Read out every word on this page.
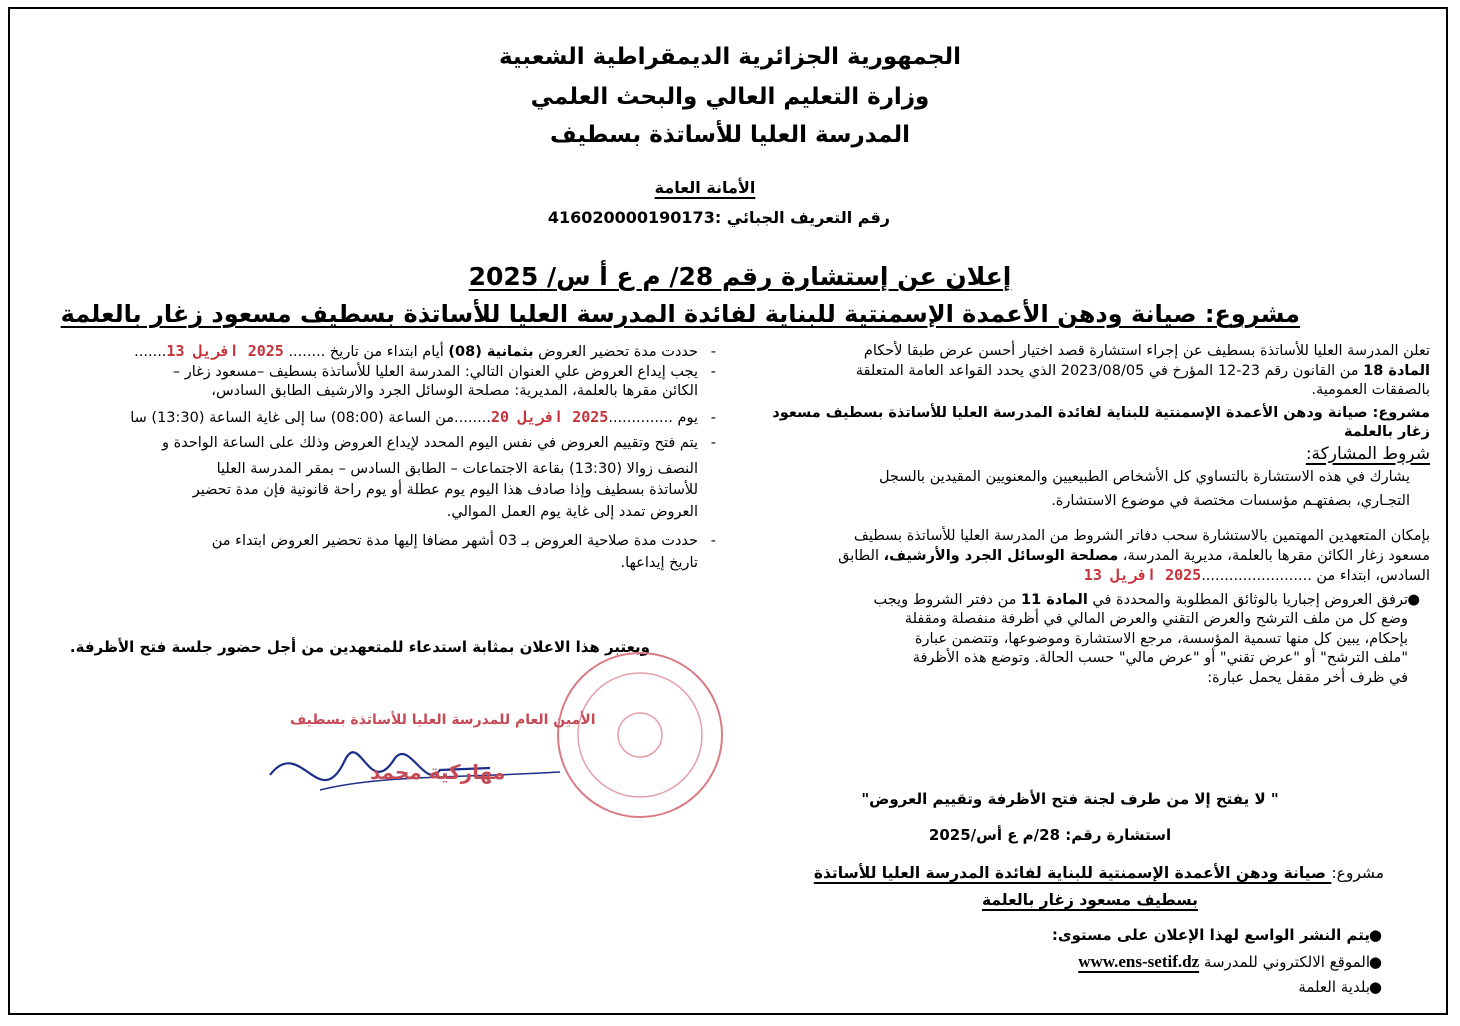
الجمهورية الجزائرية الديمقراطية الشعبية
وزارة التعليم العالي والبحث العلمي
المدرسة العليا للأساتذة بسطيف
الأمانة العامة
رقم التعريف الجبائي :416020000190173
إعلان عن إستشارة رقم 28/ م ع أ س/ 2025
مشروع: صيانة ودهن الأعمدة الإسمنتية للبناية لفائدة المدرسة العليا للأساتذة بسطيف مسعود زغار بالعلمة

تعلن المدرسة العليا للأساتذة بسطيف عن إجراء استشارة قصد اختيار أحسن عرض طبقا لأحكام

المادة 18 من القانون رقم 23-12 المؤرخ في 2023/08/05 الذي يحدد القواعد العامة المتعلقة

بالصفقات العمومية.

مشروع: صيانة ودهن الأعمدة الإسمنتية للبناية لفائدة المدرسة العليا للأساتذة بسطيف مسعود

زغار بالعلمة

شروط المشاركة:

يشارك في هذه الاستشارة بالتساوي كل الأشخاص الطبيعيين والمعنويين المقيدين بالسجل

التجـاري، بصفتهـم مؤسسات مختصة في موضوع الاستشارة.

بإمكان المتعهدين المهتمين بالاستشارة سحب دفاتر الشروط من المدرسة العليا للأساتذة بسطيف

مسعود زغار الكائن مقرها بالعلمة، مديرية المدرسة، مصلحة الوسائل الجرد والأرشيف، الطابق

السادس، ابتداء من ........................2025 افريل 13

●ترفق العروض إجباريا بالوثائق المطلوبة والمحددة في المادة 11 من دفتر الشروط ويجب

وضع كل من ملف الترشح والعرض التقني والعرض المالي في أظرفة منفصلة ومقفلة

بإحكام، يبين كل منها تسمية المؤسسة، مرجع الاستشارة وموضوعها، وتتضمن عبارة

"ملف الترشح" أو "عرض تقني" أو "عرض مالي" حسب الحالة. وتوضع هذه الأظرفة

في ظرف أخر مقفل يحمل عبارة:

" لا يفتح إلا من طرف لجنة فتح الأظرفة وتقييم العروض"
استشارة رقم: 28/م ع أس/2025
مشروع: صيانة ودهن الأعمدة الإسمنتية للبناية لفائدة المدرسة العليا للأساتذة
بسطيف مسعود زغار بالعلمة
●يتم النشر الواسع لهذا الإعلان على مستوى:
●الموقع الالكتروني للمدرسة www.ens-setif.dz
●بلدية العلمة

-حددت مدة تحضير العروض بثمانية (08) أيام ابتداء من تاريخ ........ 2025 افريل 13.......

-يجب إيداع العروض علي العنوان التالي: المدرسة العليا للأساتذة بسطيف –مسعود زغار –

الكائن مقرها بالعلمة، المديرية: مصلحة الوسائل الجرد والارشيف الطابق السادس،

-يوم ..............2025 افريل 20........من الساعة (08:00) سا إلى غاية الساعة (13:30) سا

-يتم فتح وتقييم العروض في نفس اليوم المحدد لإيداع العروض وذلك على الساعة الواحدة و

النصف زوالا (13:30) بقاعة الاجتماعات – الطابق السادس – بمقر المدرسة العليا

للأساتذة بسطيف وإذا صادف هذا اليوم يوم عطلة أو يوم راحة قانونية فإن مدة تحضير

العروض تمدد إلى غاية يوم العمل الموالي.

-حددت مدة صلاحية العروض بـ 03 أشهر مضافا إليها مدة تحضير العروض ابتداء من

تاريخ إيداعها.

ويعتبر هذا الاعلان بمثابة استدعاء للمتعهدين من أجل حضور جلسة فتح الأظرفة.
الأمين العام للمدرسة العليا للأساتذة بسطيف
مهاركية محمد
